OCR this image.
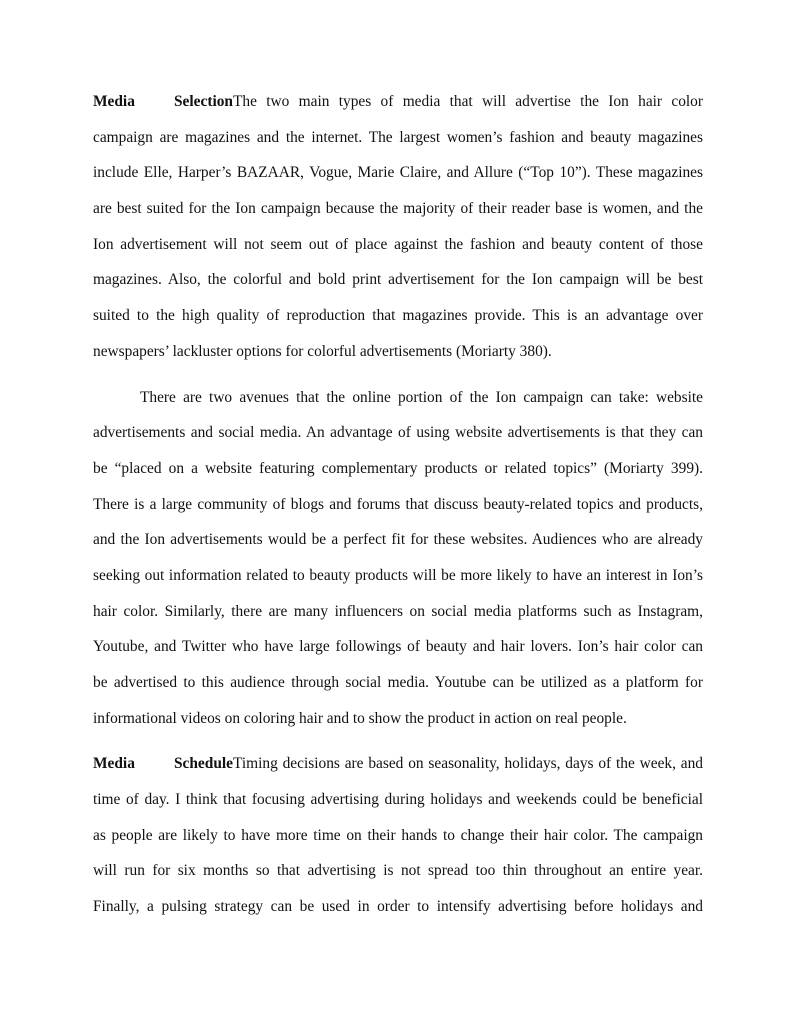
Media SelectionThe two main types of media that will advertise the Ion hair color
campaign are magazines and the internet. The largest women’s fashion and beauty magazines
include Elle, Harper’s BAZAAR, Vogue, Marie Claire, and Allure (“Top 10”). These magazines
are best suited for the Ion campaign because the majority of their reader base is women, and the
Ion advertisement will not seem out of place against the fashion and beauty content of those
magazines. Also, the colorful and bold print advertisement for the Ion campaign will be best
suited to the high quality of reproduction that magazines provide. This is an advantage over
newspapers’ lackluster options for colorful advertisements (Moriarty 380).
There are two avenues that the online portion of the Ion campaign can take: website
advertisements and social media. An advantage of using website advertisements is that they can
be “placed on a website featuring complementary products or related topics” (Moriarty 399).
There is a large community of blogs and forums that discuss beauty-related topics and products,
and the Ion advertisements would be a perfect fit for these websites. Audiences who are already
seeking out information related to beauty products will be more likely to have an interest in Ion’s
hair color. Similarly, there are many influencers on social media platforms such as Instagram,
Youtube, and Twitter who have large followings of beauty and hair lovers. Ion’s hair color can
be advertised to this audience through social media. Youtube can be utilized as a platform for
informational videos on coloring hair and to show the product in action on real people.
Media ScheduleTiming decisions are based on seasonality, holidays, days of the week, and
time of day. I think that focusing advertising during holidays and weekends could be beneficial
as people are likely to have more time on their hands to change their hair color. The campaign
will run for six months so that advertising is not spread too thin throughout an entire year.
Finally, a pulsing strategy can be used in order to intensify advertising before holidays and
